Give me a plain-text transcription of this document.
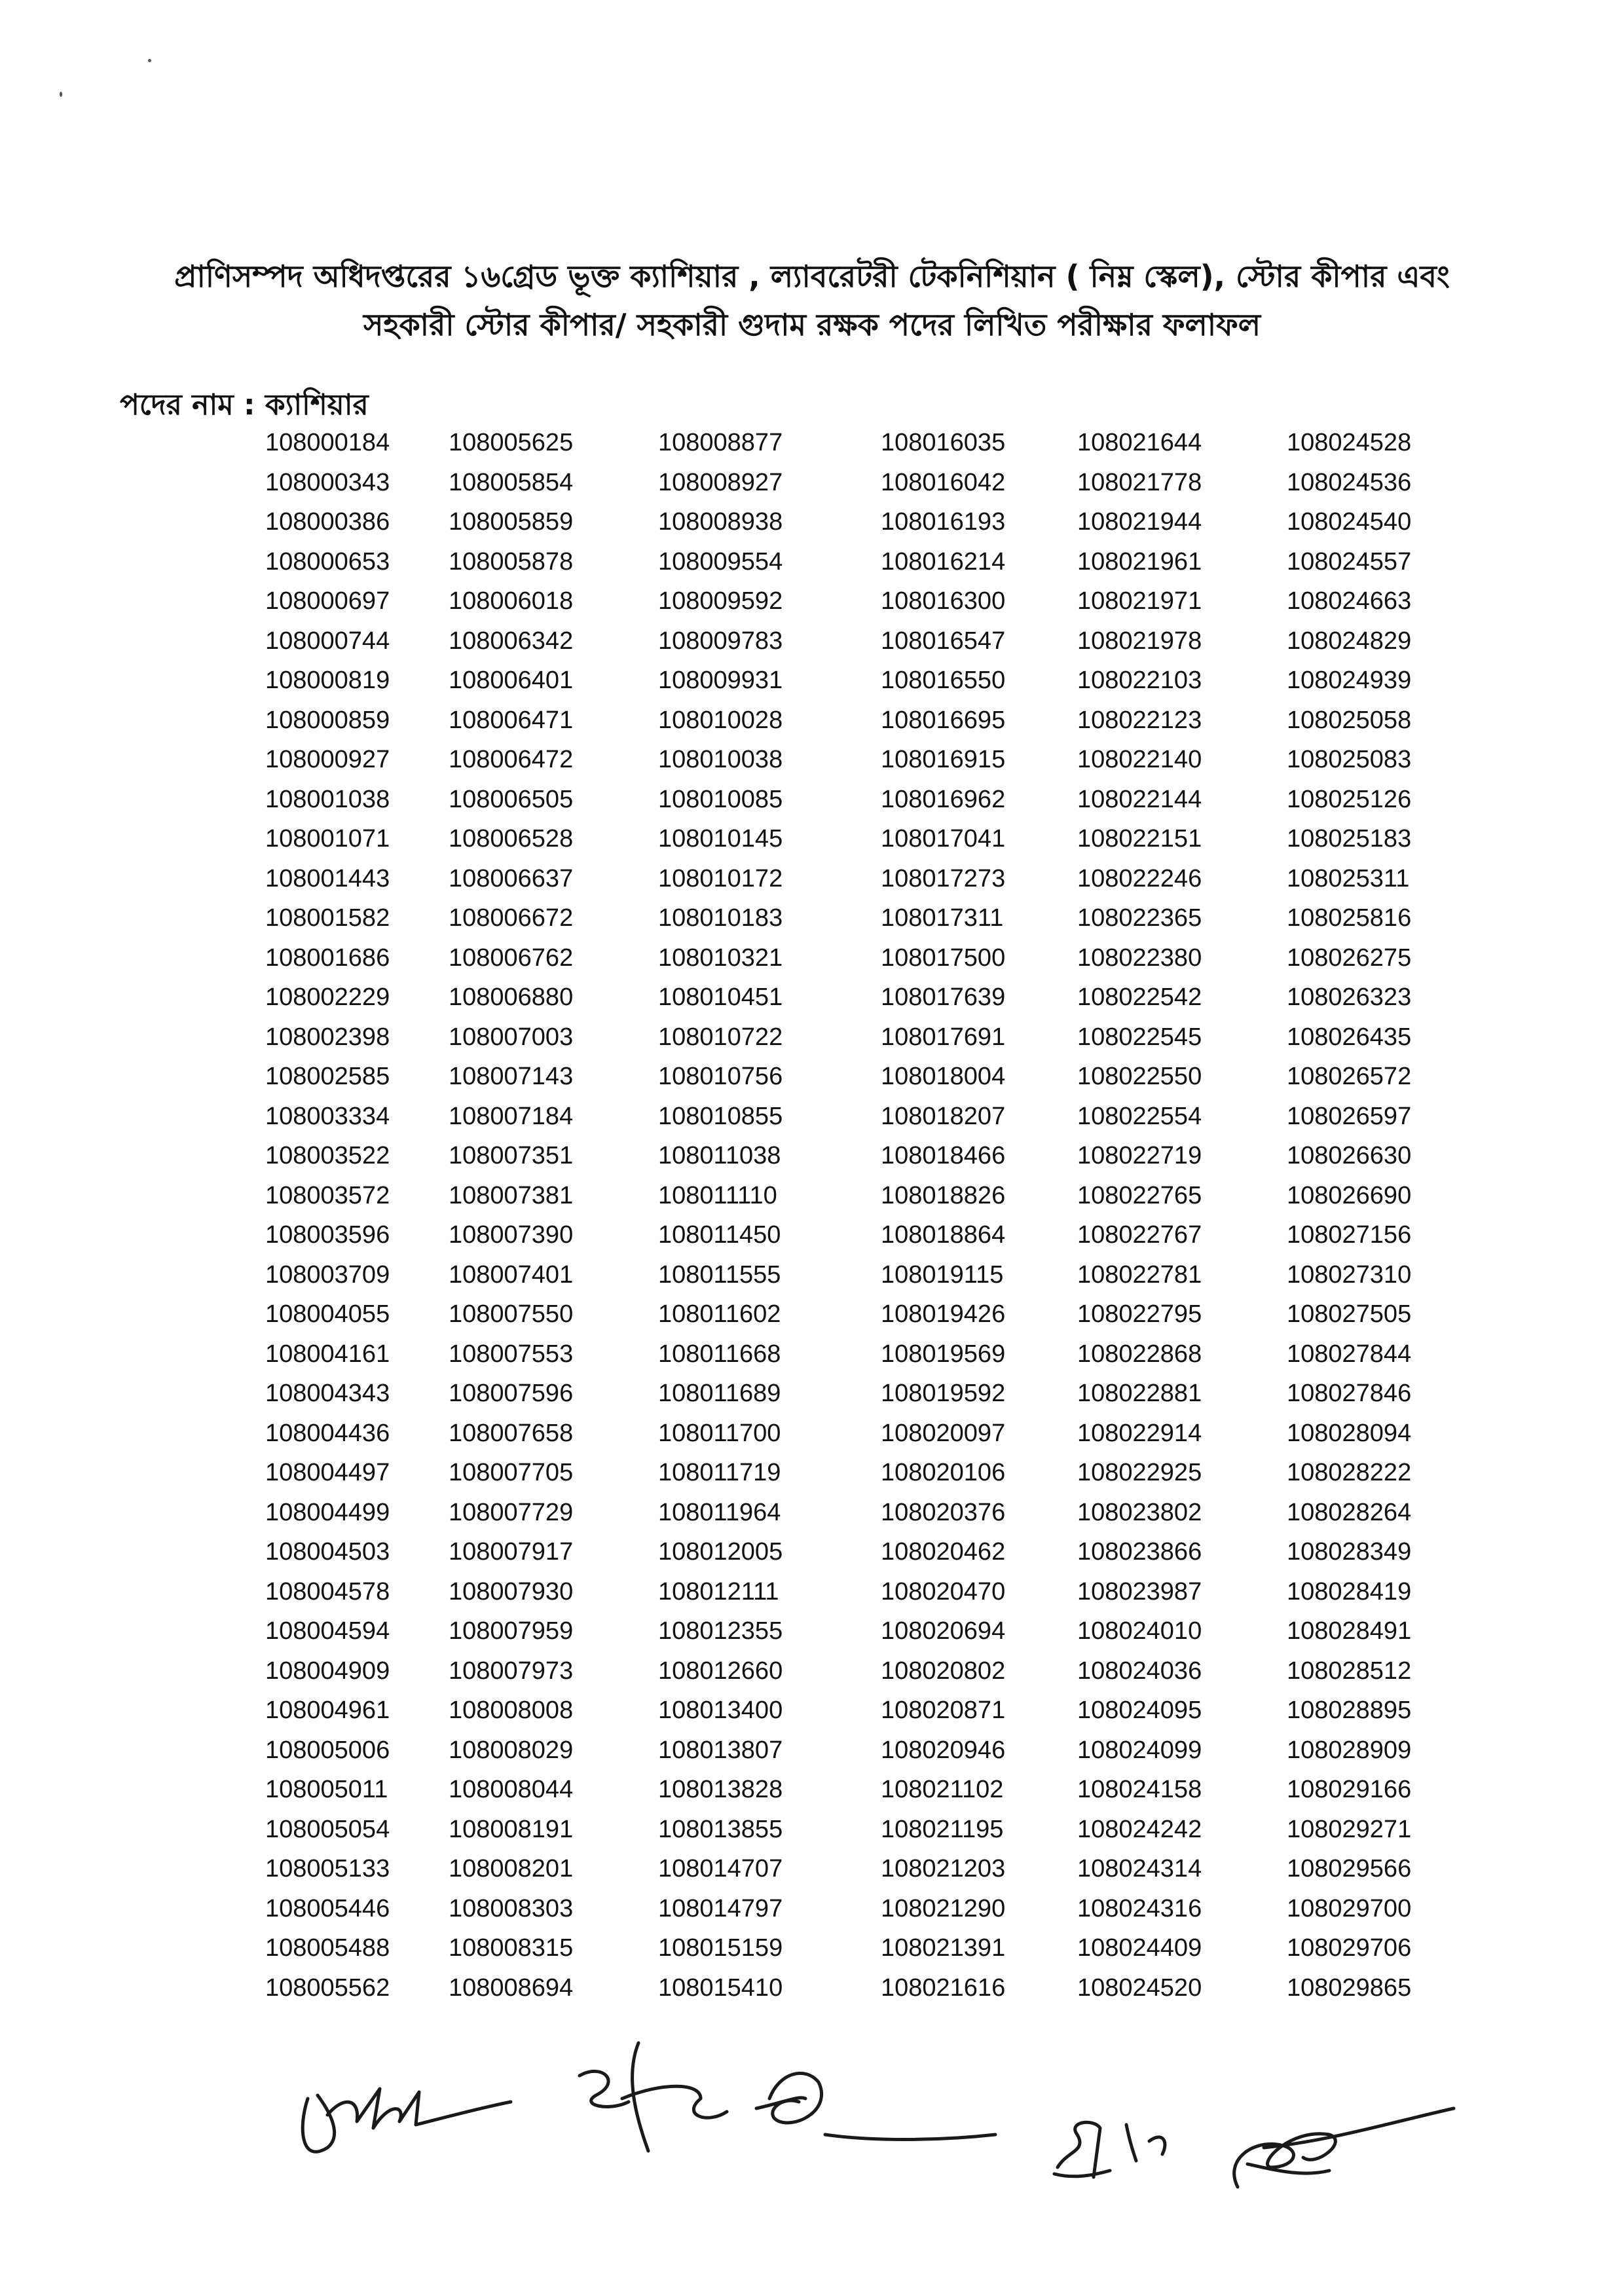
প্রাণিসম্পদ অধিদপ্তরের ১৬গ্রেড ভূক্ত ক্যাশিয়ার , ল্যাবরেটরী টেকনিশিয়ান ( নিম্ন স্কেল), স্টোর কীপার এবং সহকারী স্টোর কীপার/ সহকারী গুদাম রক্ষক পদের লিখিত পরীক্ষার ফলাফল
পদের নাম : ক্যাশিয়ার
108000184
108000343
108000386
108000653
108000697
108000744
108000819
108000859
108000927
108001038
108001071
108001443
108001582
108001686
108002229
108002398
108002585
108003334
108003522
108003572
108003596
108003709
108004055
108004161
108004343
108004436
108004497
108004499
108004503
108004578
108004594
108004909
108004961
108005006
108005011
108005054
108005133
108005446
108005488
108005562
108005625
108005854
108005859
108005878
108006018
108006342
108006401
108006471
108006472
108006505
108006528
108006637
108006672
108006762
108006880
108007003
108007143
108007184
108007351
108007381
108007390
108007401
108007550
108007553
108007596
108007658
108007705
108007729
108007917
108007930
108007959
108007973
108008008
108008029
108008044
108008191
108008201
108008303
108008315
108008694
108008877
108008927
108008938
108009554
108009592
108009783
108009931
108010028
108010038
108010085
108010145
108010172
108010183
108010321
108010451
108010722
108010756
108010855
108011038
108011110
108011450
108011555
108011602
108011668
108011689
108011700
108011719
108011964
108012005
108012111
108012355
108012660
108013400
108013807
108013828
108013855
108014707
108014797
108015159
108015410
108016035
108016042
108016193
108016214
108016300
108016547
108016550
108016695
108016915
108016962
108017041
108017273
108017311
108017500
108017639
108017691
108018004
108018207
108018466
108018826
108018864
108019115
108019426
108019569
108019592
108020097
108020106
108020376
108020462
108020470
108020694
108020802
108020871
108020946
108021102
108021195
108021203
108021290
108021391
108021616
108021644
108021778
108021944
108021961
108021971
108021978
108022103
108022123
108022140
108022144
108022151
108022246
108022365
108022380
108022542
108022545
108022550
108022554
108022719
108022765
108022767
108022781
108022795
108022868
108022881
108022914
108022925
108023802
108023866
108023987
108024010
108024036
108024095
108024099
108024158
108024242
108024314
108024316
108024409
108024520
108024528
108024536
108024540
108024557
108024663
108024829
108024939
108025058
108025083
108025126
108025183
108025311
108025816
108026275
108026323
108026435
108026572
108026597
108026630
108026690
108027156
108027310
108027505
108027844
108027846
108028094
108028222
108028264
108028349
108028419
108028491
108028512
108028895
108028909
108029166
108029271
108029566
108029700
108029706
108029865
